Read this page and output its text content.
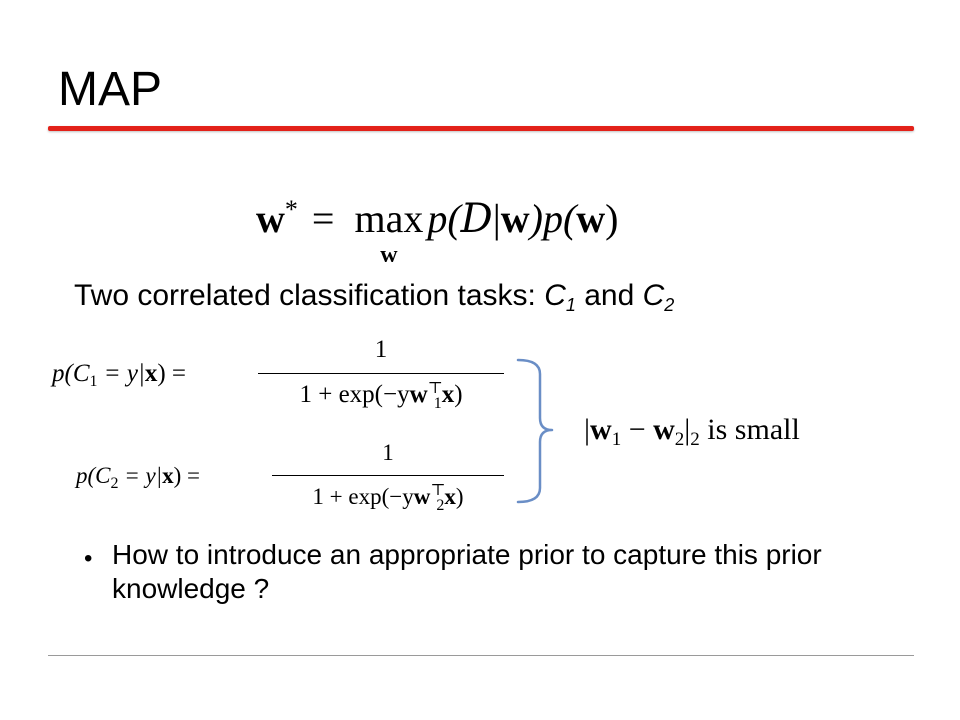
MAP
w* = max
w
p(D|w)p(w)
Two correlated classification tasks: $C_1$ and $C_2$
$p(C_1 = y|x)$ =
1
$1 + \exp(-yw^⊤_1x)$
$p(C_2 = y|x)$ =
1
$1 + \exp(-yw^⊤_2x)$
$|w_1 - w_2|_2$ is small
• How to introduce an appropriate prior to capture this prior knowledge ?
